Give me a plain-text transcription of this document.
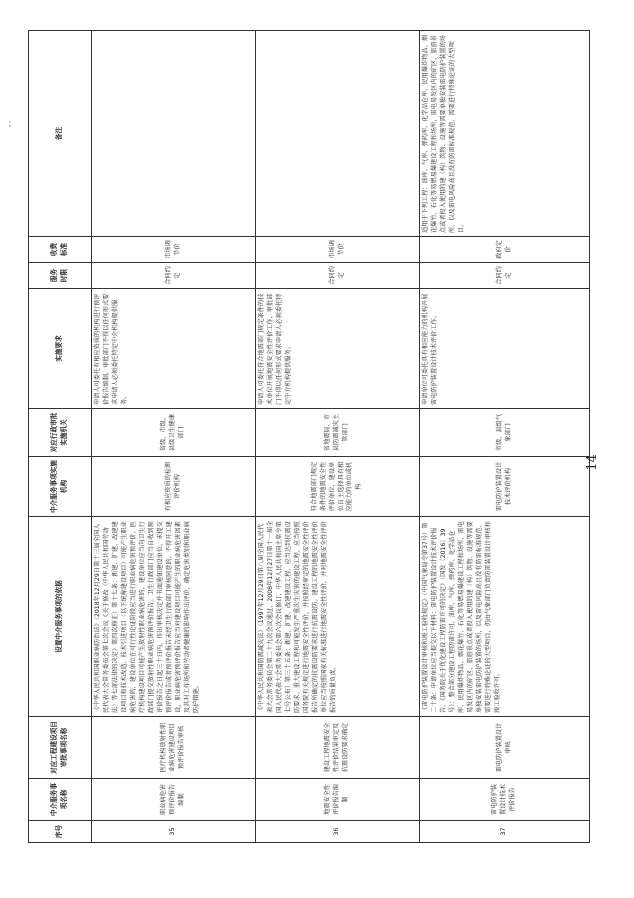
；
序号	中介服务事项名称	对应工程建设项目审批事项名称	设置中介服务事项的依据	中介服务事项实施机构	对应行政审批实施机关	实施要求	服务时限	收费标准	备注
35	职业病危害预评价报告编制	医疗机构放射性职业病危害建设项目预评价报告审核	《中华人民共和国职业病防治法》（2018年12月29日第十三届全国人民代表大会常务委员会第七次会议《关于修改〈中华人民共和国劳动法〉等七部法律的决定》第四次修正）第十七条：新建、扩建、改建建设项目和技术改造、技术引进项目（以下统称建设项目）可能产生职业病危害的，建设单位在可行性论证阶段应当进行职业病危害预评价。医疗机构建设项目可能产生放射性职业病危害的，建设单位应当向卫生行政部门提交放射性职业病危害预评价报告。卫生行政部门应当自收到预评价报告之日起三十日内，作出审核决定并书面通知建设单位。未提交预评价报告或者预评价报告未经卫生行政部门审核同意的，不得开工建设。职业病危害预评价报告应当对建设项目可能产生的职业病危害因素及其对工作场所和劳动者健康的影响作出评价，确定危害类别和职业病防护措施。	有相应资质的检测评价机构	省级、市级、县级卫生健康部门	申请人可委托有相应资质的机构进行预评价报告编制，审批部门不得以任何形式要求申请人必须委托特定中介机构提供服务。	合同约定	市场调节价	
36	地震安全性评价报告编制	建设工程地震安全性评价结果审定及抗震设防要求确定	《中华人民共和国防震减灾法》（1997年12月29日第八届全国人民代表大会常务委员会第二十九次会议通过，2008年12月27日第十一届全国人民代表大会常务委员会第六次会议修订，中华人民共和国主席令第七号公布）第三十五条：新建、扩建、改建建设工程，应当达到抗震设防要求。重大建设工程和可能发生严重次生灾害的建设工程，应当按照国务院有关规定进行地震安全性评价，并按照经审定的地震安全性评价报告所确定的抗震设防要求进行抗震设防。建设工程的地震安全性评价单位应当按照国家有关标准进行地震安全性评价，并对地震安全性评价报告的质量负责。	符合地震部门规定条件的地震安全性评价单位，建设单位自主选择具有相应能力的单位或机构	省地震局、市县防震减灾主管部门	申请人可委托符合地震部门规定条件的技术单位开展地震安全性评价工作，审批部门不得以任何形式要求申请人必须委托特定中介机构提供服务。	合同约定	市场调节价	
37	雷电防护装置设计技术评价报告	雷电防护装置设计审核	《雷电防护装置设计审核和竣工验收规定》（中国气象局令第37号）第二十条：申请单位应当提交以下材料：雷电防护装置设计技术评价报告。《国务院关于优化建设工程防雷许可的决定》（国发〔2016〕39号）：整合部分建设工程防雷许可，油库、气库、弹药库、化学品仓库、民用爆炸物品、烟花爆竹、石化等易燃易爆建设工程和场所，雷电易发区内的矿区、旅游景点或者投入使用的建（构）筑物、设施等需要单独安装雷电防护装置的场所，以及雷电风险高且没有防雷标准规范、需要进行特殊论证的大型项目，仍由气象部门负责防雷装置设计审核和竣工验收许可。	雷电防护装置设计技术评价机构	市级、县级气象部门	申请单位可委托具有相应能力的机构开展雷电防护装置设计技术评价工作。	合同约定	政府定价	适用于下列工程：油库、气库、弹药库、化学品仓库、民用爆炸物品、烟花爆竹、石化等易燃易爆建设工程和场所，雷电易发区内的矿区、旅游景点或者投入使用的建（构）筑物、设施等需要单独安装雷电防护装置的场所，以及雷电风险高且没有防雷标准规范、需要进行特殊论证的大型项目。
14
